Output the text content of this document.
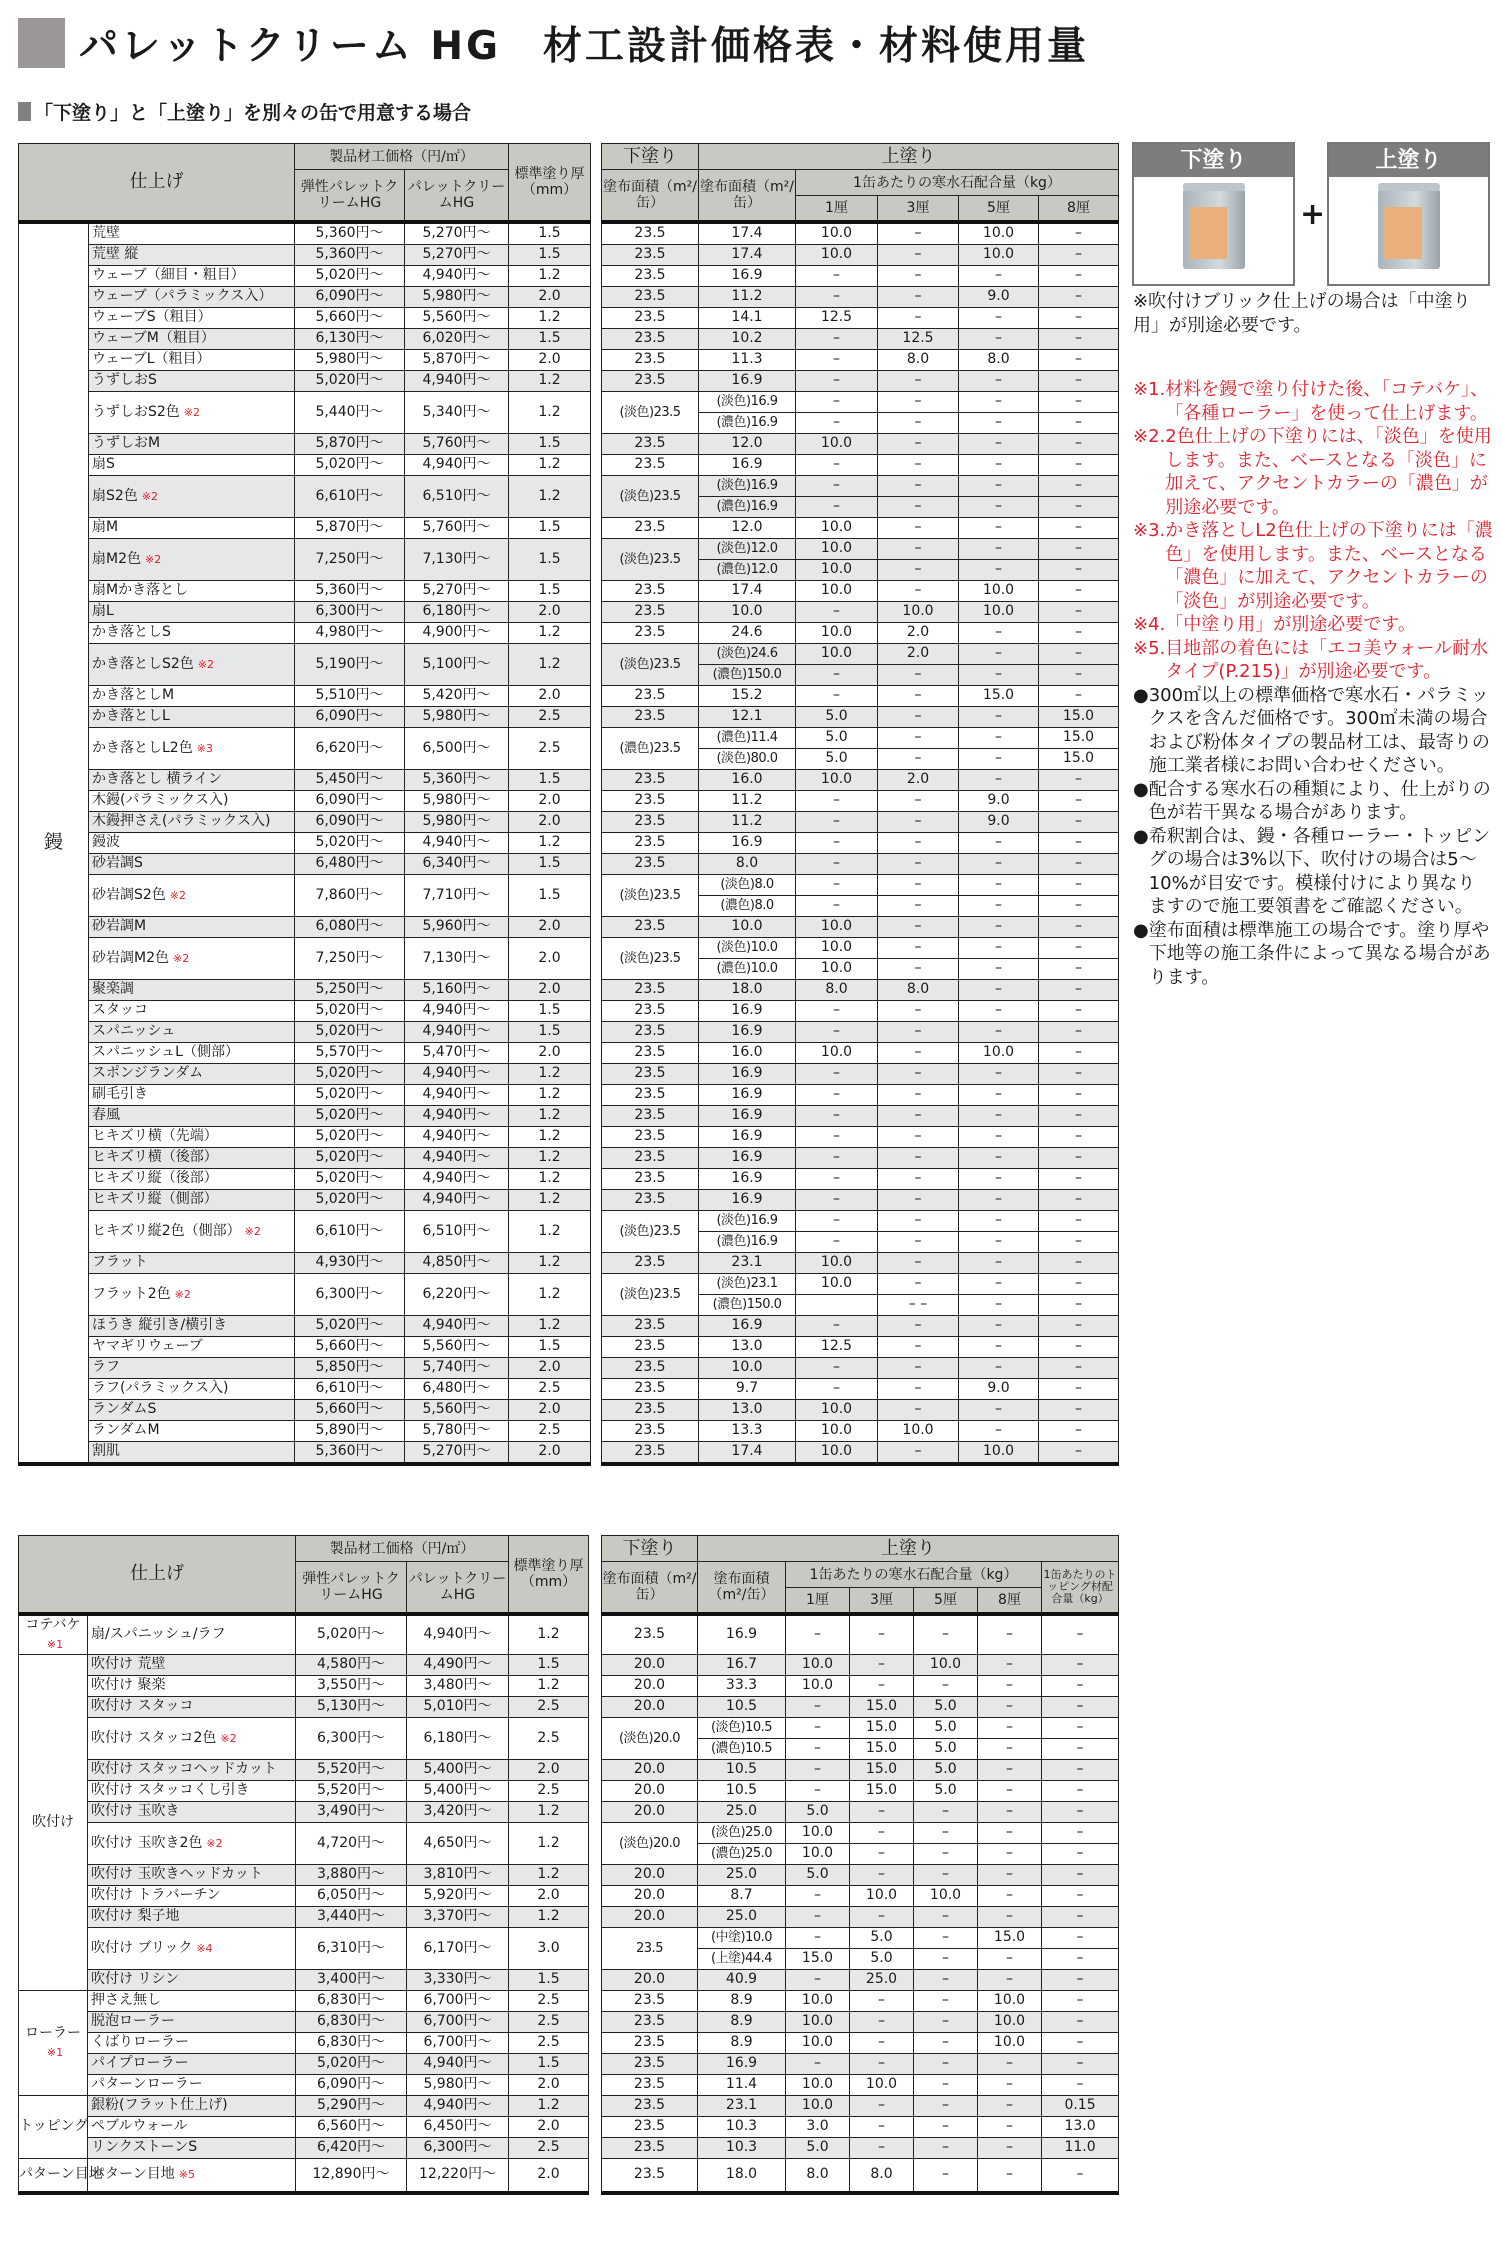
パレットクリーム HG　材工設計価格表・材料使用量
「下塗り」と「上塗り」を別々の缶で用意する場合
仕上げ		製品材工価格（円/㎡）		標準塗り厚（mm）		下塗り	上塗り				
		弾性パレットクリームHG	パレットクリームHG			塗布面積（m²/缶）	塗布面積（m²/缶）	1缶あたりの寒水石配合量（kg）			
								1厘	3厘	5厘	8厘
鏝	荒壁	5,360円～	5,270円～	1.5		23.5	17.4	10.0	–	10.0	–
	荒壁 縦	5,360円～	5,270円～	1.5		23.5	17.4	10.0	–	10.0	–
	ウェーブ（細目・粗目）	5,020円～	4,940円～	1.2		23.5	16.9	–	–	–	–
	ウェーブ（パラミックス入）	6,090円～	5,980円～	2.0		23.5	11.2	–	–	9.0	–
	ウェーブS（粗目）	5,660円～	5,560円～	1.2		23.5	14.1	12.5	–	–	–
	ウェーブM（粗目）	6,130円～	6,020円～	1.5		23.5	10.2	–	12.5	–	–
	ウェーブL（粗目）	5,980円～	5,870円～	2.0		23.5	11.3	–	8.0	8.0	–
	うずしおS	5,020円～	4,940円～	1.2		23.5	16.9	–	–	–	–
	うずしおS2色 ※2	5,440円～	5,340円～	1.2		(淡色)23.5	(淡色)16.9	–	–	–	–
							(濃色)16.9	–	–	–	–
	うずしおM	5,870円～	5,760円～	1.5		23.5	12.0	10.0	–	–	–
	扇S	5,020円～	4,940円～	1.2		23.5	16.9	–	–	–	–
	扇S2色 ※2	6,610円～	6,510円～	1.2		(淡色)23.5	(淡色)16.9	–	–	–	–
							(濃色)16.9	–	–	–	–
	扇M	5,870円～	5,760円～	1.5		23.5	12.0	10.0	–	–	–
	扇M2色 ※2	7,250円～	7,130円～	1.5		(淡色)23.5	(淡色)12.0	10.0	–	–	–
							(濃色)12.0	10.0	–	–	–
	扇Mかき落とし	5,360円～	5,270円～	1.5		23.5	17.4	10.0	–	10.0	–
	扇L	6,300円～	6,180円～	2.0		23.5	10.0	–	10.0	10.0	–
	かき落としS	4,980円～	4,900円～	1.2		23.5	24.6	10.0	2.0	–	–
	かき落としS2色 ※2	5,190円～	5,100円～	1.2		(淡色)23.5	(淡色)24.6	10.0	2.0	–	–
							(濃色)150.0	–	–	–	–
	かき落としM	5,510円～	5,420円～	2.0		23.5	15.2	–	–	15.0	–
	かき落としL	6,090円～	5,980円～	2.5		23.5	12.1	5.0	–	–	15.0
	かき落としL2色 ※3	6,620円～	6,500円～	2.5		(濃色)23.5	(濃色)11.4	5.0	–	–	15.0
							(淡色)80.0	5.0	–	–	15.0
	かき落とし 横ライン	5,450円～	5,360円～	1.5		23.5	16.0	10.0	2.0	–	–
	木鏝(パラミックス入)	6,090円～	5,980円～	2.0		23.5	11.2	–	–	9.0	–
	木鏝押さえ(パラミックス入)	6,090円～	5,980円～	2.0		23.5	11.2	–	–	9.0	–
	鏝波	5,020円～	4,940円～	1.2		23.5	16.9	–	–	–	–
	砂岩調S	6,480円～	6,340円～	1.5		23.5	8.0	–	–	–	–
	砂岩調S2色 ※2	7,860円～	7,710円～	1.5		(淡色)23.5	(淡色)8.0	–	–	–	–
							(濃色)8.0	–	–	–	–
	砂岩調M	6,080円～	5,960円～	2.0		23.5	10.0	10.0	–	–	–
	砂岩調M2色 ※2	7,250円～	7,130円～	2.0		(淡色)23.5	(淡色)10.0	10.0	–	–	–
							(濃色)10.0	10.0	–	–	–
	聚楽調	5,250円～	5,160円～	2.0		23.5	18.0	8.0	8.0	–	–
	スタッコ	5,020円～	4,940円～	1.5		23.5	16.9	–	–	–	–
	スパニッシュ	5,020円～	4,940円～	1.5		23.5	16.9	–	–	–	–
	スパニッシュL（側部）	5,570円～	5,470円～	2.0		23.5	16.0	10.0	–	10.0	–
	スポンジランダム	5,020円～	4,940円～	1.2		23.5	16.9	–	–	–	–
	刷毛引き	5,020円～	4,940円～	1.2		23.5	16.9	–	–	–	–
	春風	5,020円～	4,940円～	1.2		23.5	16.9	–	–	–	–
	ヒキズリ横（先端）	5,020円～	4,940円～	1.2		23.5	16.9	–	–	–	–
	ヒキズリ横（後部）	5,020円～	4,940円～	1.2		23.5	16.9	–	–	–	–
	ヒキズリ縦（後部）	5,020円～	4,940円～	1.2		23.5	16.9	–	–	–	–
	ヒキズリ縦（側部）	5,020円～	4,940円～	1.2		23.5	16.9	–	–	–	–
	ヒキズリ縦2色（側部） ※2	6,610円～	6,510円～	1.2		(淡色)23.5	(淡色)16.9	–	–	–	–
							(濃色)16.9	–	–	–	–
	フラット	4,930円～	4,850円～	1.2		23.5	23.1	10.0	–	–	–
	フラット2色 ※2	6,300円～	6,220円～	1.2		(淡色)23.5	(淡色)23.1	10.0	–	–	–
							(濃色)150.0		– –	–	–
	ほうき 縦引き/横引き	5,020円～	4,940円～	1.2		23.5	16.9	–	–	–	–
	ヤマギリウェーブ	5,660円～	5,560円～	1.5		23.5	13.0	12.5	–	–	–
	ラフ	5,850円～	5,740円～	2.0		23.5	10.0	–	–	–	–
	ラフ(パラミックス入)	6,610円～	6,480円～	2.5		23.5	9.7	–	–	9.0	–
	ランダムS	5,660円～	5,560円～	2.0		23.5	13.0	10.0	–	–	–
	ランダムM	5,890円～	5,780円～	2.5		23.5	13.3	10.0	10.0	–	–
	割肌	5,360円～	5,270円～	2.0		23.5	17.4	10.0	–	10.0	–
仕上げ		製品材工価格（円/㎡）		標準塗り厚（mm）		下塗り	上塗り					
		弾性パレットクリームHG	パレットクリームHG			塗布面積（m²/缶）	塗布面積（m²/缶）	1缶あたりの寒水石配合量（kg）				1缶あたりのトッピング材配合量（kg）
								1厘	3厘	5厘	8厘	
コテバケ
※1	扇/スパニッシュ/ラフ	5,020円～	4,940円～	1.2		23.5	16.9	–	–	–	–	–
吹付け	吹付け 荒壁	4,580円～	4,490円～	1.5		20.0	16.7	10.0	–	10.0	–	–
	吹付け 聚楽	3,550円～	3,480円～	1.2		20.0	33.3	10.0	–	–	–	–
	吹付け スタッコ	5,130円～	5,010円～	2.5		20.0	10.5	–	15.0	5.0	–	–
	吹付け スタッコ2色 ※2	6,300円～	6,180円～	2.5		(淡色)20.0	(淡色)10.5	–	15.0	5.0	–	–
							(濃色)10.5	–	15.0	5.0	–	–
	吹付け スタッコヘッドカット	5,520円～	5,400円～	2.0		20.0	10.5	–	15.0	5.0	–	–
	吹付け スタッコくし引き	5,520円～	5,400円～	2.5		20.0	10.5	–	15.0	5.0	–	–
	吹付け 玉吹き	3,490円～	3,420円～	1.2		20.0	25.0	5.0	–	–	–	–
	吹付け 玉吹き2色 ※2	4,720円～	4,650円～	1.2		(淡色)20.0	(淡色)25.0	10.0	–	–	–	–
							(濃色)25.0	10.0	–	–	–	–
	吹付け 玉吹きヘッドカット	3,880円～	3,810円～	1.2		20.0	25.0	5.0	–	–	–	–
	吹付け トラバーチン	6,050円～	5,920円～	2.0		20.0	8.7	–	10.0	10.0	–	–
	吹付け 梨子地	3,440円～	3,370円～	1.2		20.0	25.0	–	–	–	–	–
	吹付け ブリック ※4	6,310円～	6,170円～	3.0		23.5	(中塗)10.0	–	5.0	–	15.0	–
							(上塗)44.4	15.0	5.0	–	–	–
	吹付け リシン	3,400円～	3,330円～	1.5		20.0	40.9	–	25.0	–	–	–
ローラー
※1	押さえ無し	6,830円～	6,700円～	2.5		23.5	8.9	10.0	–	–	10.0	–
	脱泡ローラー	6,830円～	6,700円～	2.5		23.5	8.9	10.0	–	–	10.0	–
	くばりローラー	6,830円～	6,700円～	2.5		23.5	8.9	10.0	–	–	10.0	–
	パイプローラー	5,020円～	4,940円～	1.5		23.5	16.9	–	–	–	–	–
	パターンローラー	6,090円～	5,980円～	2.0		23.5	11.4	10.0	10.0	–	–	–
トッピング	銀粉(フラット仕上げ)	5,290円～	4,940円～	1.2		23.5	23.1	10.0	–	–	–	0.15
	ペブルウォール	6,560円～	6,450円～	2.0		23.5	10.3	3.0	–	–	–	13.0
	リンクストーンS	6,420円～	6,300円～	2.5		23.5	10.3	5.0	–	–	–	11.0
パターン目地	パターン目地 ※5	12,890円～	12,220円～	2.0		23.5	18.0	8.0	8.0	–	–	–
下塗り
+
上塗り
※吹付けブリック仕上げの場合は「中塗り用」が別途必要です。
※1. 材料を鏝で塗り付けた後、「コテバケ」、「各種ローラー」を使って仕上げます。
※2. 2色仕上げの下塗りには、「淡色」を使用します。また、ベースとなる「淡色」に加えて、アクセントカラーの「濃色」が別途必要です。
※3. かき落としL2色仕上げの下塗りには「濃色」を使用します。また、ベースとなる「濃色」に加えて、アクセントカラーの「淡色」が別途必要です。
※4. 「中塗り用」が別途必要です。
※5. 目地部の着色には「エコ美ウォール耐水タイプ(P.215)」が別途必要です。
● 300㎡以上の標準価格で寒水石・パラミックスを含んだ価格です。300㎡未満の場合および粉体タイプの製品材工は、最寄りの施工業者様にお問い合わせください。
● 配合する寒水石の種類により、仕上がりの色が若干異なる場合があります。
● 希釈割合は、鏝・各種ローラー・トッピングの場合は3%以下、吹付けの場合は5～10%が目安です。模様付けにより異なりますので施工要領書をご確認ください。
● 塗布面積は標準施工の場合です。塗り厚や下地等の施工条件によって異なる場合があります。
